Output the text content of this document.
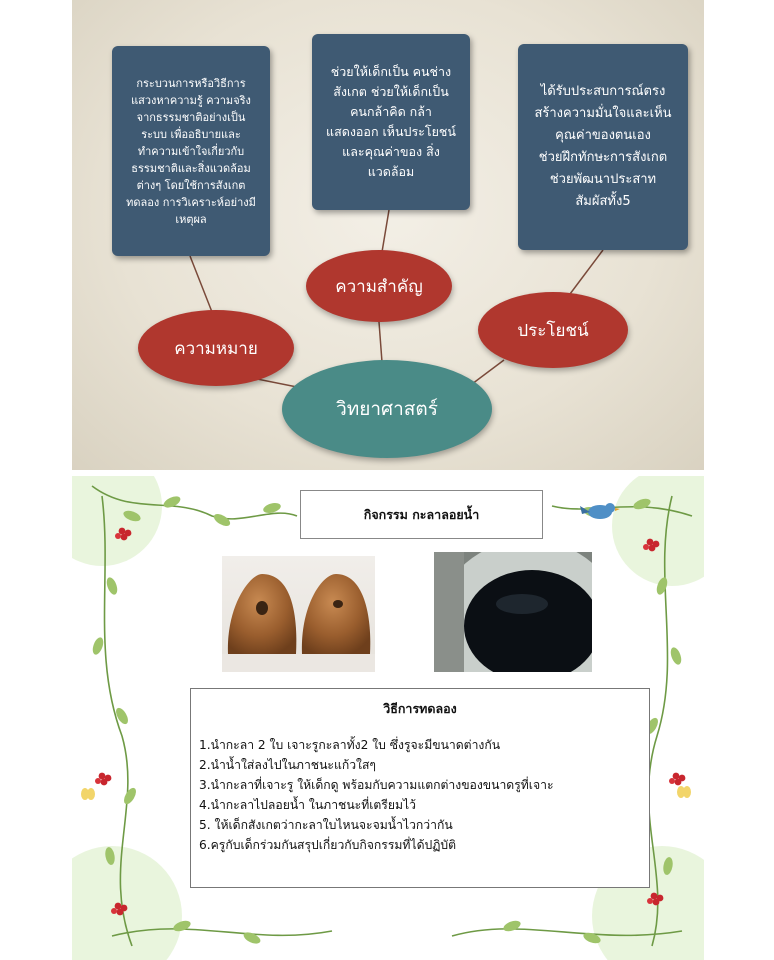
กระบวนการหรือวิธีการ
แสวงหาความรู้ ความจริง
จากธรรมชาติอย่างเป็น
ระบบ เพื่ออธิบายและ
ทำความเข้าใจเกี่ยวกับ
ธรรมชาติและสิ่งแวดล้อม
ต่างๆ โดยใช้การสังเกต
ทดลอง การวิเคราะห์อย่างมี
เหตุผล
ช่วยให้เด็กเป็น คนช่าง
สังเกต ช่วยให้เด็กเป็น
คนกล้าคิด กล้า
แสดงออก เห็นประโยชน์
และคุณค่าของ สิ่ง
แวดล้อม
ได้รับประสบการณ์ตรง
สร้างความมั่นใจและเห็น
คุณค่าของตนเอง
ช่วยฝึกทักษะการสังเกต
ช่วยพัฒนาประสาท
สัมผัสทั้ง5
ความหมาย
ความสำคัญ
ประโยชน์
วิทยาศาสตร์
กิจกรรม กะลาลอยน้ำ
วิธีการทดลอง
1.นำกะลา 2 ใบ เจาะรูกะลาทั้ง2 ใบ ซึ่งรูจะมีขนาดต่างกัน
2.นำน้ำใส่ลงไปในภาชนะแก้วใสๆ
3.นำกะลาที่เจาะรู ให้เด็กดู พร้อมกับความแตกต่างของขนาดรูที่เจาะ
4.นำกะลาไปลอยน้ำ ในภาชนะที่เตรียมไว้
5. ให้เด็กสังเกตว่ากะลาใบไหนจะจมน้ำไวกว่ากัน
6.ครูกับเด็กร่วมกันสรุปเกี่ยวกับกิจกรรมที่ได้ปฏิบัติ
